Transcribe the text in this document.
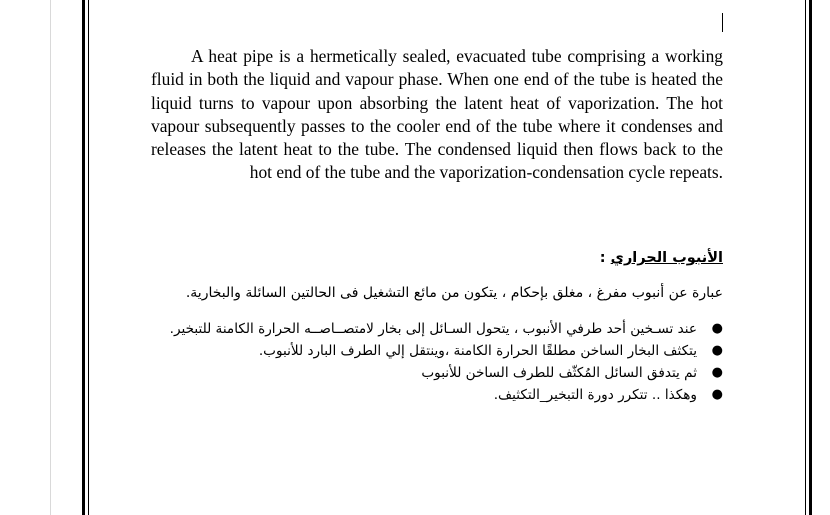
A heat pipe is a hermetically sealed, evacuated tube comprising a working fluid in both the liquid and vapour phase. When one end of the tube is heated the liquid turns to vapour upon absorbing the latent heat of vaporization. The hot vapour subsequently passes to the cooler end of the tube where it condenses and releases the latent heat to the tube. The condensed liquid then flows back to the hot end of the tube and the vaporization-condensation cycle repeats.

الأنبوب الحراري :
عبارة عن أنبوب مفرغ ، مغلق بإحكام ، يتكون من مائع التشغيل فى الحالتين السائلة والبخارية.
●
عند تسـخين أحد طرفي الأنبوب ، يتحول السـائل إلى بخار لامتصــاصــه الحرارة الكامنة للتبخير.
●
يتكثف البخار الساخن مطلقًا الحرارة الكامنة ،وينتقل إلي الطرف البارد للأنبوب.
●
ثم يتدفق السائل المُكثّف للطرف الساخن للأنبوب
●
وهكذا .. تتكرر دورة التبخير_التكثيف.
